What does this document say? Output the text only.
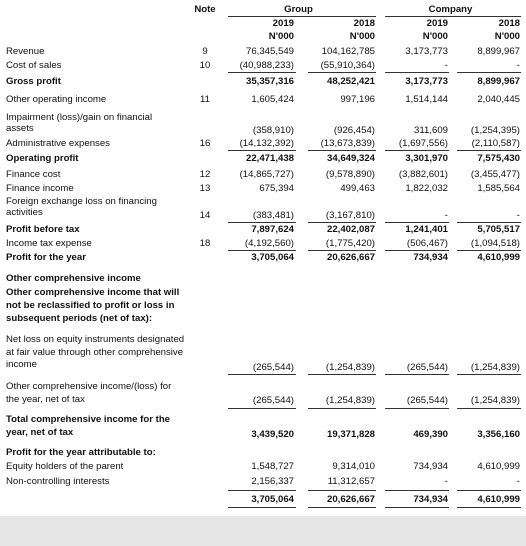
Note	Group	Company
2019	2018	2019	2018
N'000	N'000	N'000	N'000
Revenue	9	76,345,549	104,162,785	3,173,773	8,899,967
Cost of sales	10	(40,988,233)	(55,910,364)	-	-
Gross profit	35,357,316	48,252,421	3,173,773	8,899,967
Other operating income	11	1,605,424	997,196	1,514,144	2,040,445
Impairment (loss)/gain on financial assets	(358,910)	(926,454)	311,609	(1,254,395)
Administrative expenses	16	(14,132,392)	(13,673,839)	(1,697,556)	(2,110,587)
Operating profit	22,471,438	34,649,324	3,301,970	7,575,430
Finance cost	12	(14,865,727)	(9,578,890)	(3,882,601)	(3,455,477)
Finance income	13	675,394	499,463	1,822,032	1,585,564
Foreign exchange loss on financing activities	14	(383,481)	(3,167,810)	-	-
Profit before tax	7,897,624	22,402,087	1,241,401	5,705,517
Income tax expense	18	(4,192,560)	(1,775,420)	(506,467)	(1,094,518)
Profit for the year	3,705,064	20,626,667	734,934	4,610,999
Other comprehensive income
Other comprehensive income that will not be reclassified to profit or loss in subsequent periods (net of tax):
Net loss on equity instruments designated at fair value through other comprehensive income	(265,544)	(1,254,839)	(265,544)	(1,254,839)
Other comprehensive income/(loss) for the year, net of tax	(265,544)	(1,254,839)	(265,544)	(1,254,839)
Total comprehensive income for the year, net of tax	3,439,520	19,371,828	469,390	3,356,160
Profit for the year attributable to:
Equity holders of the parent	1,548,727	9,314,010	734,934	4,610,999
Non-controlling interests	2,156,337	11,312,657	-	-
3,705,064	20,626,667	734,934	4,610,999
